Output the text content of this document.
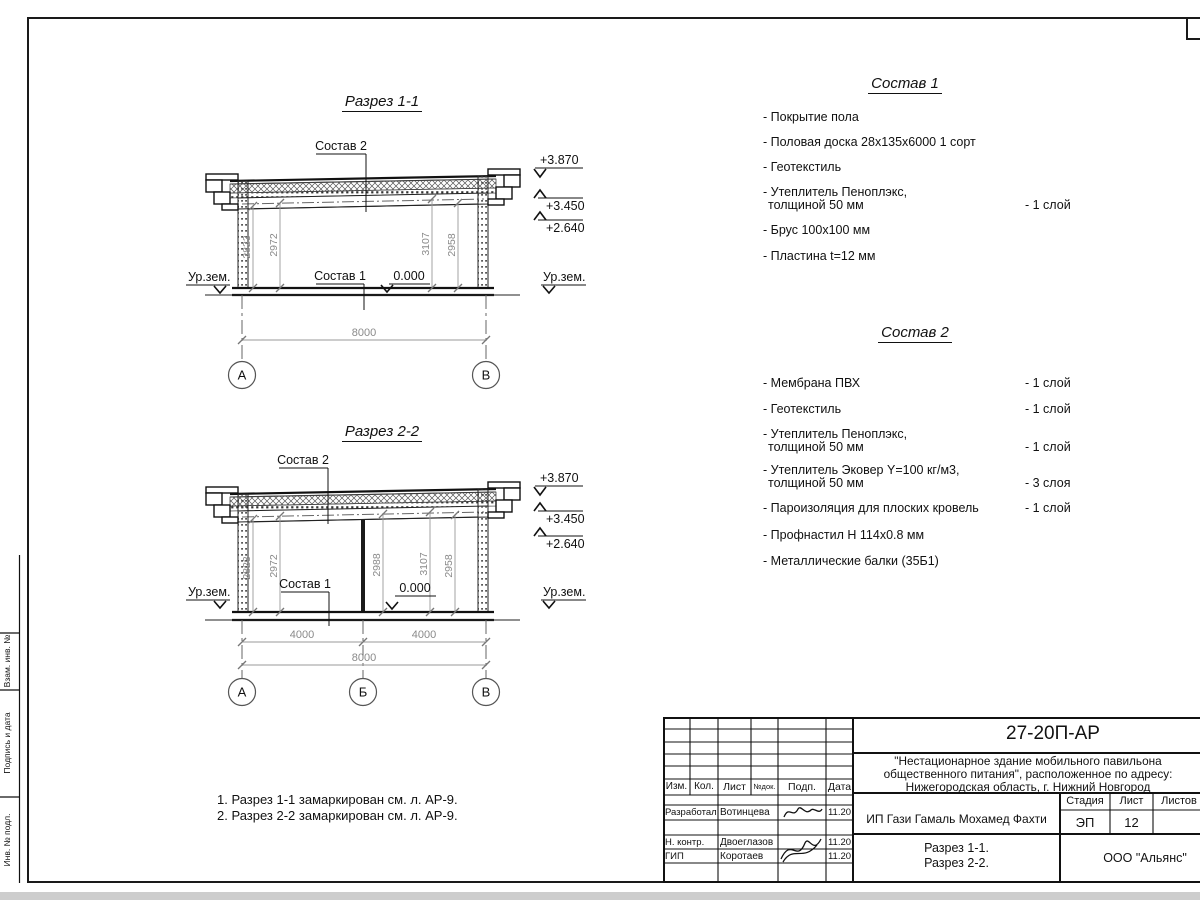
Взам. инв. №
Подпись и дата
Инв. № подл.
Разрез 1-1
2823 2972	3107 2958
Состав 2
Состав 1 0.000
+3.870
+3.450
+2.640
Ур.зем.	Ур.зем.
8000
А	В
Разрез 2-2
2823 2972	2988	3107 2958
Состав 2
Состав 1	0.000
+3.870
+3.450
+2.640
Ур.зем.	Ур.зем.
4000	4000
8000
А	Б	В
Состав 1
- Покрытие пола
- Половая доска 28х135х6000 1 сорт
- Геотекстиль
- Утеплитель Пеноплэкс,
толщиной 50 мм	- 1 слой
- Брус 100х100 мм
- Пластина t=12 мм
Состав 2
- Мембрана ПВХ	- 1 слой
- Геотекстиль	- 1 слой
- Утеплитель Пеноплэкс,
толщиной 50 мм	- 1 слой
- Утеплитель Эковер Y=100 кг/м3,
толщиной 50 мм	- 3 слоя
- Пароизоляция для плоских кровель	- 1 слой
- Профнастил Н 114х0.8 мм
- Металлические балки (35Б1)
1. Разрез 1-1 замаркирован см. л. АР-9.
2. Разрез 2-2 замаркирован см. л. АР-9.
Изм. Кол. Лист	№док.	Подп.	Дата
Разработал Вотинцева	11.20
Н. контр.	Двоеглазов	11.20
ГИП	Коротаев	11.20
27-20П-АР
"Нестационарное здание мобильного павильона
общественного питания", расположенное по адресу:
Нижегородская область, г. Нижний Новгород
ИП Гази Гамаль Мохамед Фахти
Стадия	Лист	Листов
ЭП	12
Разрез 1-1.
Разрез 2-2.	ООО "Альянс"
